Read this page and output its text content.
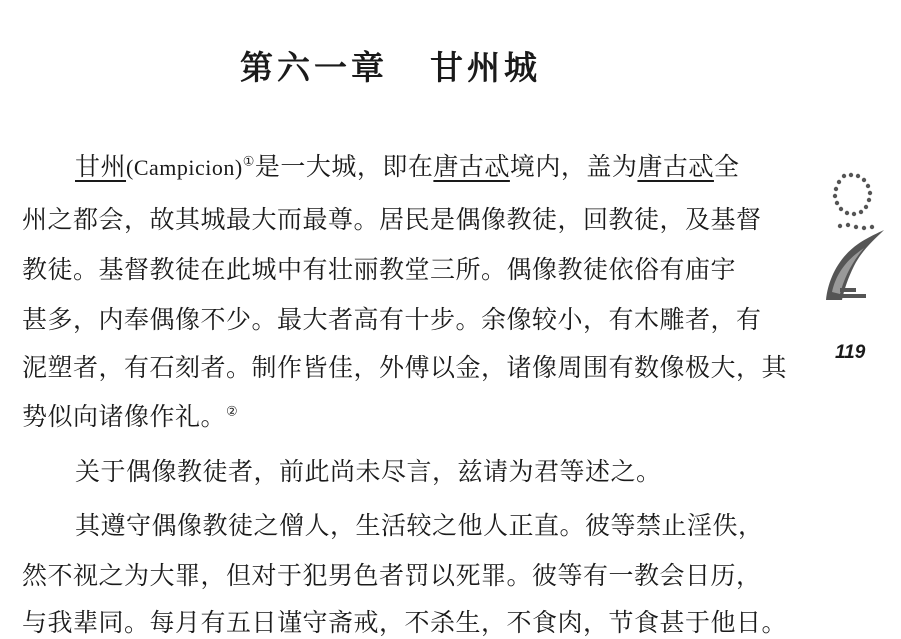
第六一章 甘州城
甘州(Campicion)①是一大城，即在唐古忒境内，盖为唐古忒全
州之都会，故其城最大而最尊。居民是偶像教徒，回教徒，及基督
教徒。基督教徒在此城中有壮丽教堂三所。偶像教徒依俗有庙宇
甚多，内奉偶像不少。最大者高有十步。余像较小，有木雕者，有
泥塑者，有石刻者。制作皆佳，外傅以金，诸像周围有数像极大，其
势似向诸像作礼。②
关于偶像教徒者，前此尚未尽言，兹请为君等述之。
其遵守偶像教徒之僧人，生活较之他人正直。彼等禁止淫佚，
然不视之为大罪，但对于犯男色者罚以死罪。彼等有一教会日历，
与我辈同。每月有五日谨守斋戒，不杀生，不食肉，节食甚于他日。
119
